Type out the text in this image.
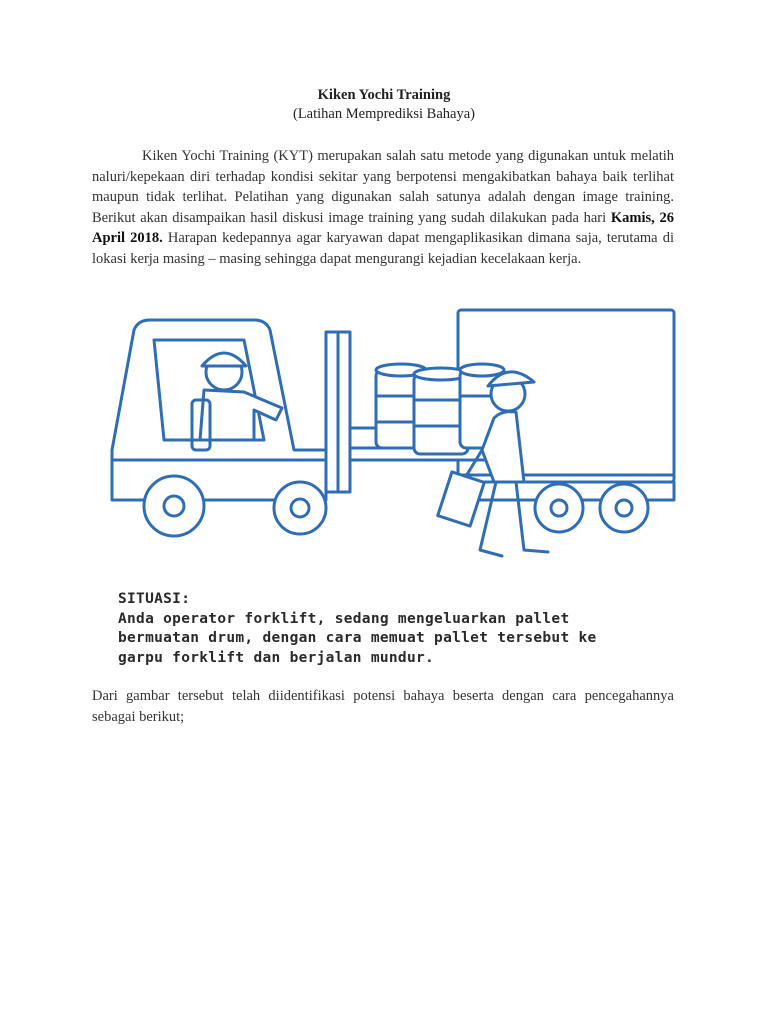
Kiken Yochi Training
(Latihan Memprediksi Bahaya)

Kiken Yochi Training (KYT) merupakan salah satu metode yang digunakan untuk melatih naluri/kepekaan diri terhadap kondisi sekitar yang berpotensi mengakibatkan bahaya baik terlihat maupun tidak terlihat. Pelatihan yang digunakan salah satunya adalah dengan image training. Berikut akan disampaikan hasil diskusi image training yang sudah dilakukan pada hari Kamis, 26 April 2018. Harapan kedepannya agar karyawan dapat mengaplikasikan dimana saja, terutama di lokasi kerja masing – masing sehingga dapat mengurangi kejadian kecelakaan kerja.

SITUASI:
Anda operator forklift, sedang mengeluarkan pallet
bermuatan drum, dengan cara memuat pallet tersebut ke
garpu forklift dan berjalan mundur.

Dari gambar tersebut telah diidentifikasi potensi bahaya beserta dengan cara pencegahannya sebagai berikut;
